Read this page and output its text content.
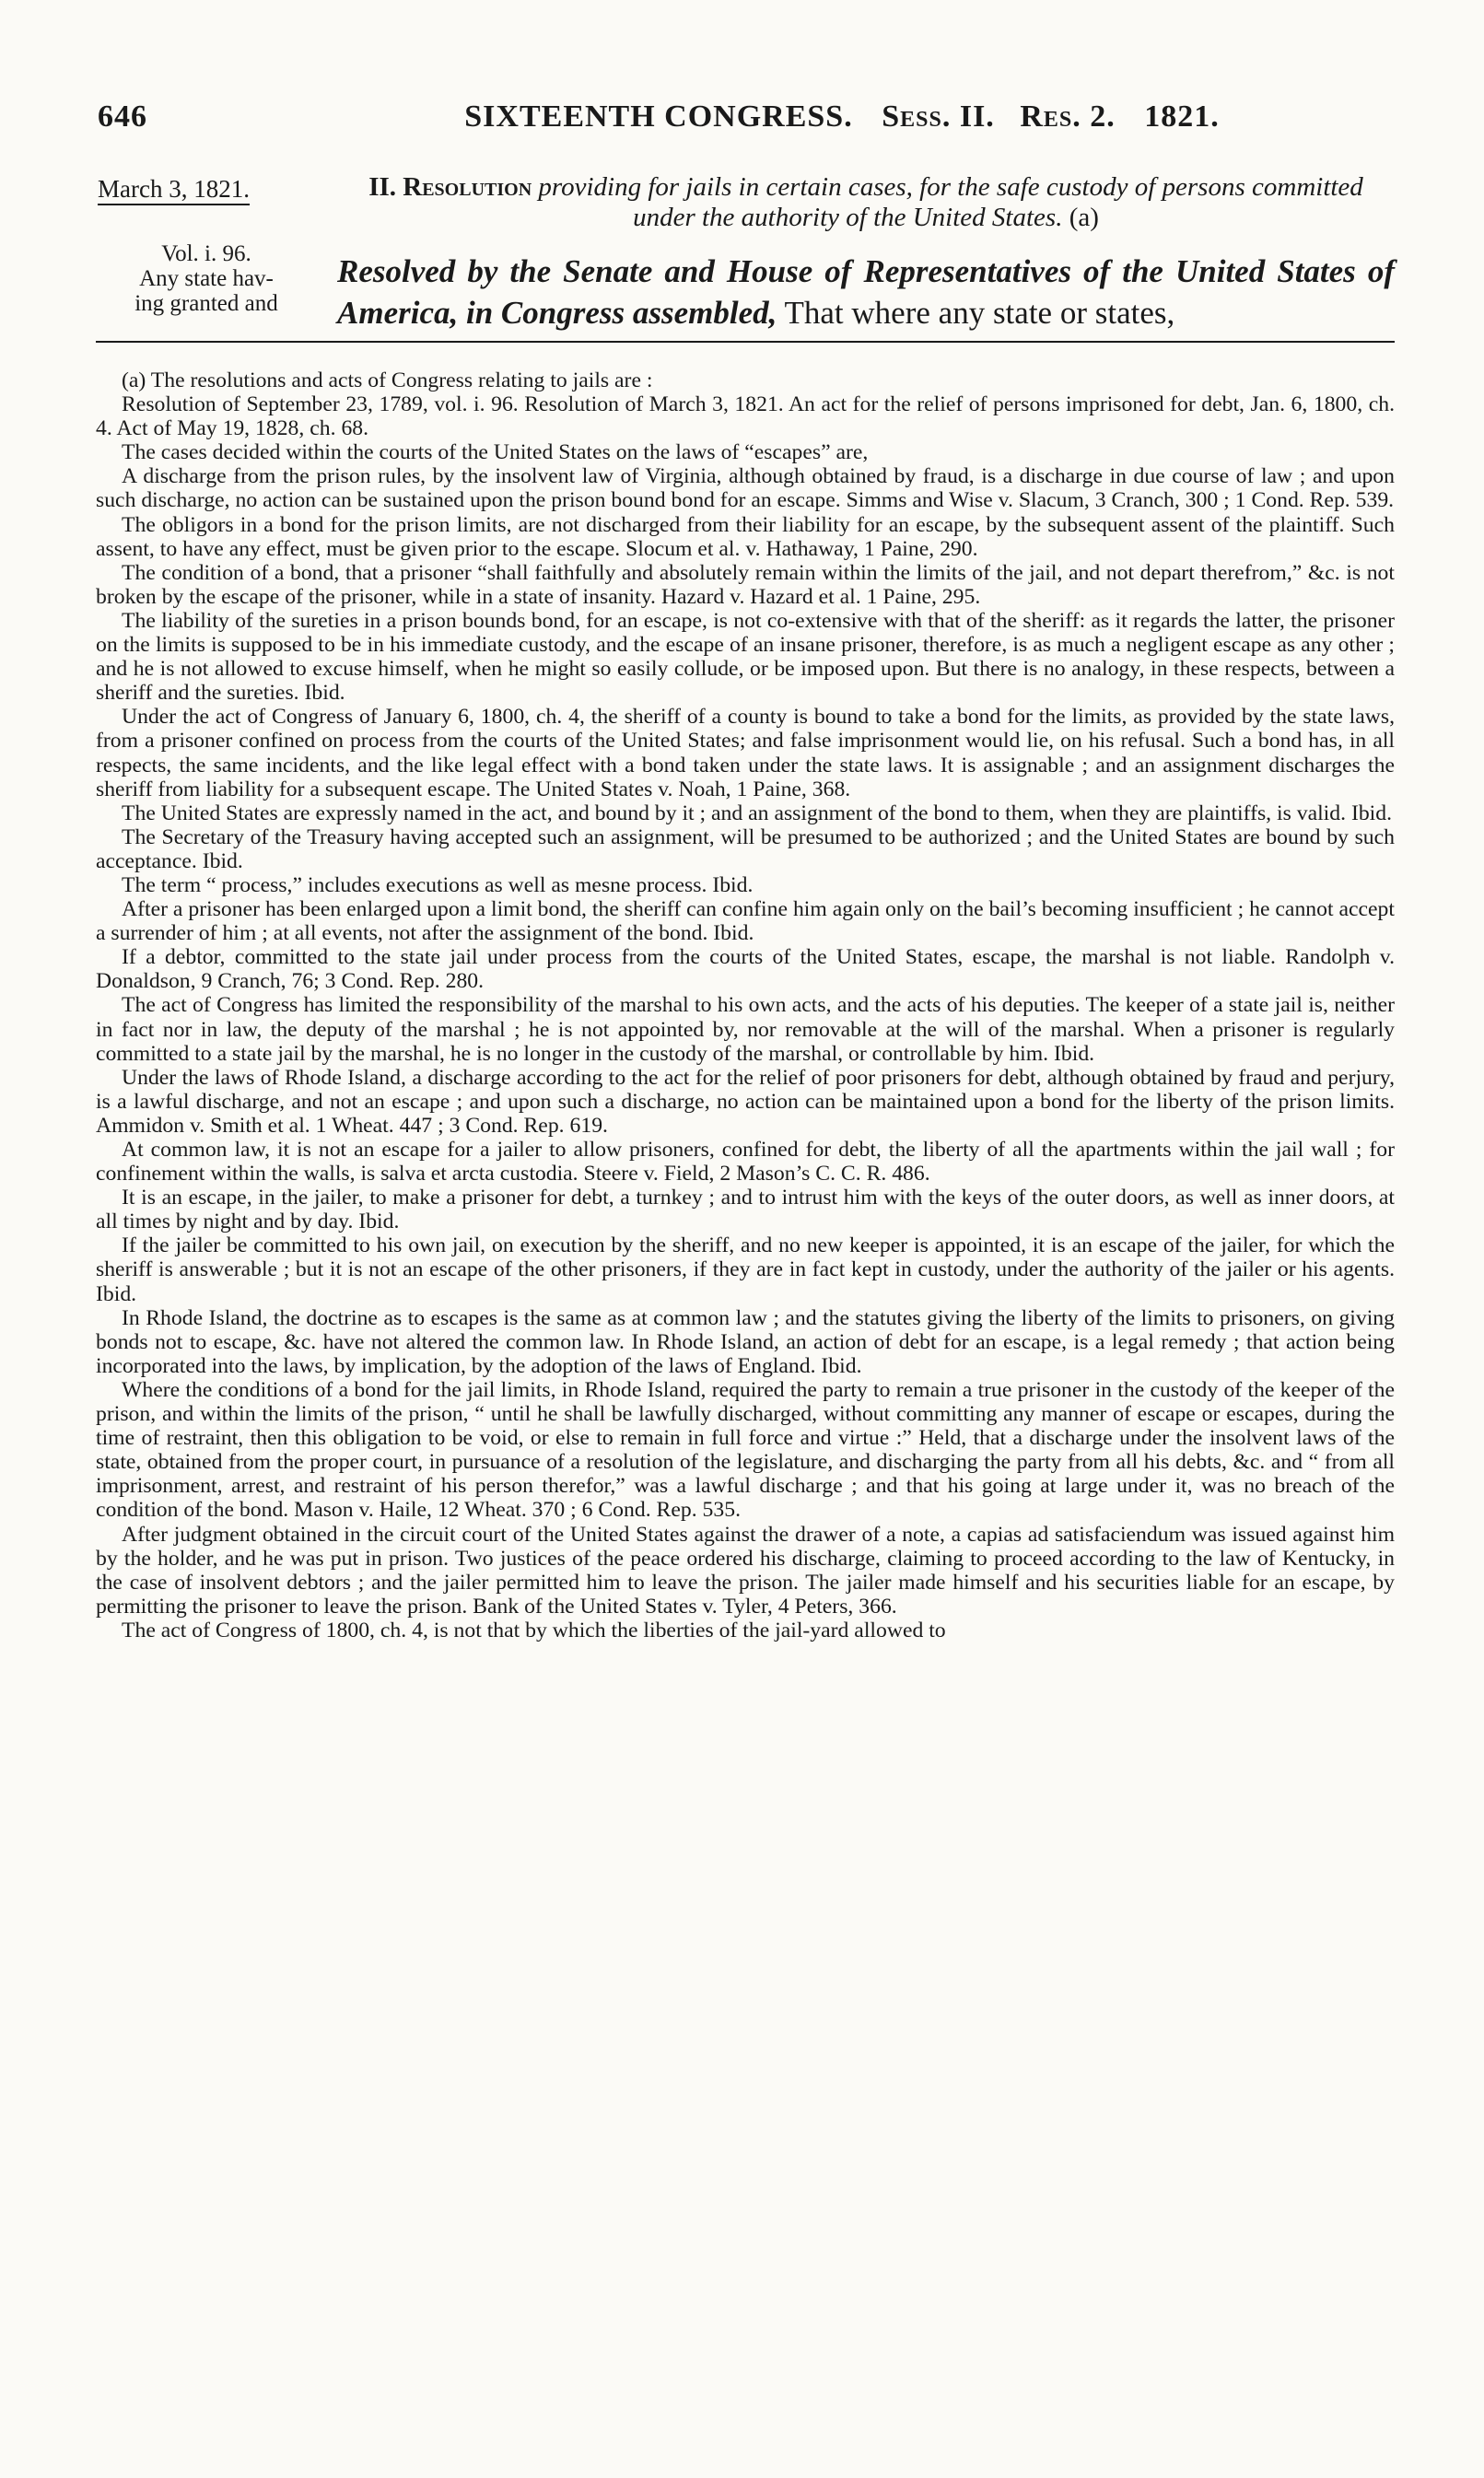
646	SIXTEENTH CONGRESS. Sess. II. Res. 2. 1821.
March 3, 1821.	II. Resolution providing for jails in certain cases, for the safe custody of persons committed under the authority of the United States. (a)
Vol. i. 96.
Any state hav-
ing granted and
Resolved by the Senate and House of Representatives of the United States of America, in Congress assembled, That where any state or states,

(a) The resolutions and acts of Congress relating to jails are :

Resolution of September 23, 1789, vol. i. 96. Resolution of March 3, 1821. An act for the relief of persons imprisoned for debt, Jan. 6, 1800, ch. 4. Act of May 19, 1828, ch. 68.

The cases decided within the courts of the United States on the laws of “escapes” are,

A discharge from the prison rules, by the insolvent law of Virginia, although obtained by fraud, is a discharge in due course of law ; and upon such discharge, no action can be sustained upon the prison bound bond for an escape. Simms and Wise v. Slacum, 3 Cranch, 300 ; 1 Cond. Rep. 539.

The obligors in a bond for the prison limits, are not discharged from their liability for an escape, by the subsequent assent of the plaintiff. Such assent, to have any effect, must be given prior to the escape. Slocum et al. v. Hathaway, 1 Paine, 290.

The condition of a bond, that a prisoner “shall faithfully and absolutely remain within the limits of the jail, and not depart therefrom,” &c. is not broken by the escape of the prisoner, while in a state of insanity. Hazard v. Hazard et al. 1 Paine, 295.

The liability of the sureties in a prison bounds bond, for an escape, is not co-extensive with that of the sheriff: as it regards the latter, the prisoner on the limits is supposed to be in his immediate custody, and the escape of an insane prisoner, therefore, is as much a negligent escape as any other ; and he is not allowed to excuse himself, when he might so easily collude, or be imposed upon. But there is no analogy, in these respects, between a sheriff and the sureties. Ibid.

Under the act of Congress of January 6, 1800, ch. 4, the sheriff of a county is bound to take a bond for the limits, as provided by the state laws, from a prisoner confined on process from the courts of the United States; and false imprisonment would lie, on his refusal. Such a bond has, in all respects, the same incidents, and the like legal effect with a bond taken under the state laws. It is assignable ; and an assignment discharges the sheriff from liability for a subsequent escape. The United States v. Noah, 1 Paine, 368.

The United States are expressly named in the act, and bound by it ; and an assignment of the bond to them, when they are plaintiffs, is valid. Ibid.

The Secretary of the Treasury having accepted such an assignment, will be presumed to be authorized ; and the United States are bound by such acceptance. Ibid.

The term “ process,” includes executions as well as mesne process. Ibid.

After a prisoner has been enlarged upon a limit bond, the sheriff can confine him again only on the bail’s becoming insufficient ; he cannot accept a surrender of him ; at all events, not after the assignment of the bond. Ibid.

If a debtor, committed to the state jail under process from the courts of the United States, escape, the marshal is not liable. Randolph v. Donaldson, 9 Cranch, 76; 3 Cond. Rep. 280.

The act of Congress has limited the responsibility of the marshal to his own acts, and the acts of his deputies. The keeper of a state jail is, neither in fact nor in law, the deputy of the marshal ; he is not appointed by, nor removable at the will of the marshal. When a prisoner is regularly committed to a state jail by the marshal, he is no longer in the custody of the marshal, or controllable by him. Ibid.

Under the laws of Rhode Island, a discharge according to the act for the relief of poor prisoners for debt, although obtained by fraud and perjury, is a lawful discharge, and not an escape ; and upon such a discharge, no action can be maintained upon a bond for the liberty of the prison limits. Ammidon v. Smith et al. 1 Wheat. 447 ; 3 Cond. Rep. 619.

At common law, it is not an escape for a jailer to allow prisoners, confined for debt, the liberty of all the apartments within the jail wall ; for confinement within the walls, is salva et arcta custodia. Steere v. Field, 2 Mason’s C. C. R. 486.

It is an escape, in the jailer, to make a prisoner for debt, a turnkey ; and to intrust him with the keys of the outer doors, as well as inner doors, at all times by night and by day. Ibid.

If the jailer be committed to his own jail, on execution by the sheriff, and no new keeper is appointed, it is an escape of the jailer, for which the sheriff is answerable ; but it is not an escape of the other prisoners, if they are in fact kept in custody, under the authority of the jailer or his agents. Ibid.

In Rhode Island, the doctrine as to escapes is the same as at common law ; and the statutes giving the liberty of the limits to prisoners, on giving bonds not to escape, &c. have not altered the common law. In Rhode Island, an action of debt for an escape, is a legal remedy ; that action being incorporated into the laws, by implication, by the adoption of the laws of England. Ibid.

Where the conditions of a bond for the jail limits, in Rhode Island, required the party to remain a true prisoner in the custody of the keeper of the prison, and within the limits of the prison, “ until he shall be lawfully discharged, without committing any manner of escape or escapes, during the time of restraint, then this obligation to be void, or else to remain in full force and virtue :” Held, that a discharge under the insolvent laws of the state, obtained from the proper court, in pursuance of a resolution of the legislature, and discharging the party from all his debts, &c. and “ from all imprisonment, arrest, and restraint of his person therefor,” was a lawful discharge ; and that his going at large under it, was no breach of the condition of the bond. Mason v. Haile, 12 Wheat. 370 ; 6 Cond. Rep. 535.

After judgment obtained in the circuit court of the United States against the drawer of a note, a capias ad satisfaciendum was issued against him by the holder, and he was put in prison. Two justices of the peace ordered his discharge, claiming to proceed according to the law of Kentucky, in the case of insolvent debtors ; and the jailer permitted him to leave the prison. The jailer made himself and his securities liable for an escape, by permitting the prisoner to leave the prison. Bank of the United States v. Tyler, 4 Peters, 366.

The act of Congress of 1800, ch. 4, is not that by which the liberties of the jail-yard allowed to
